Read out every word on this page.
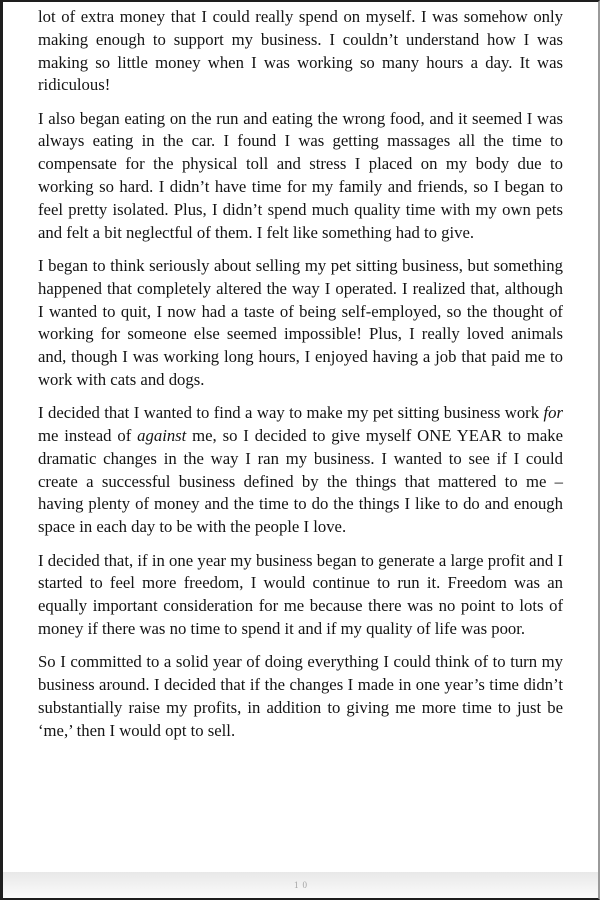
lot of extra money that I could really spend on myself. I was somehow only making enough to support my business. I couldn’t understand how I was making so little money when I was working so many hours a day. It was ridiculous!

I also began eating on the run and eating the wrong food, and it seemed I was always eating in the car. I found I was getting massages all the time to compensate for the physical toll and stress I placed on my body due to working so hard. I didn’t have time for my family and friends, so I began to feel pretty isolated. Plus, I didn’t spend much quality time with my own pets and felt a bit neglectful of them. I felt like something had to give.

I began to think seriously about selling my pet sitting business, but something happened that completely altered the way I operated. I realized that, although I wanted to quit, I now had a taste of being self-employed, so the thought of working for someone else seemed impossible! Plus, I really loved animals and, though I was working long hours, I enjoyed having a job that paid me to work with cats and dogs.

I decided that I wanted to find a way to make my pet sitting business work for me instead of against me, so I decided to give myself ONE YEAR to make dramatic changes in the way I ran my business. I wanted to see if I could create a successful business defined by the things that mattered to me – having plenty of money and the time to do the things I like to do and enough space in each day to be with the people I love.

I decided that, if in one year my business began to generate a large profit and I started to feel more freedom, I would continue to run it. Freedom was an equally important consideration for me because there was no point to lots of money if there was no time to spend it and if my quality of life was poor.

So I committed to a solid year of doing everything I could think of to turn my business around. I decided that if the changes I made in one year’s time didn’t substantially raise my profits, in addition to giving me more time to just be ‘me,’ then I would opt to sell.

10
